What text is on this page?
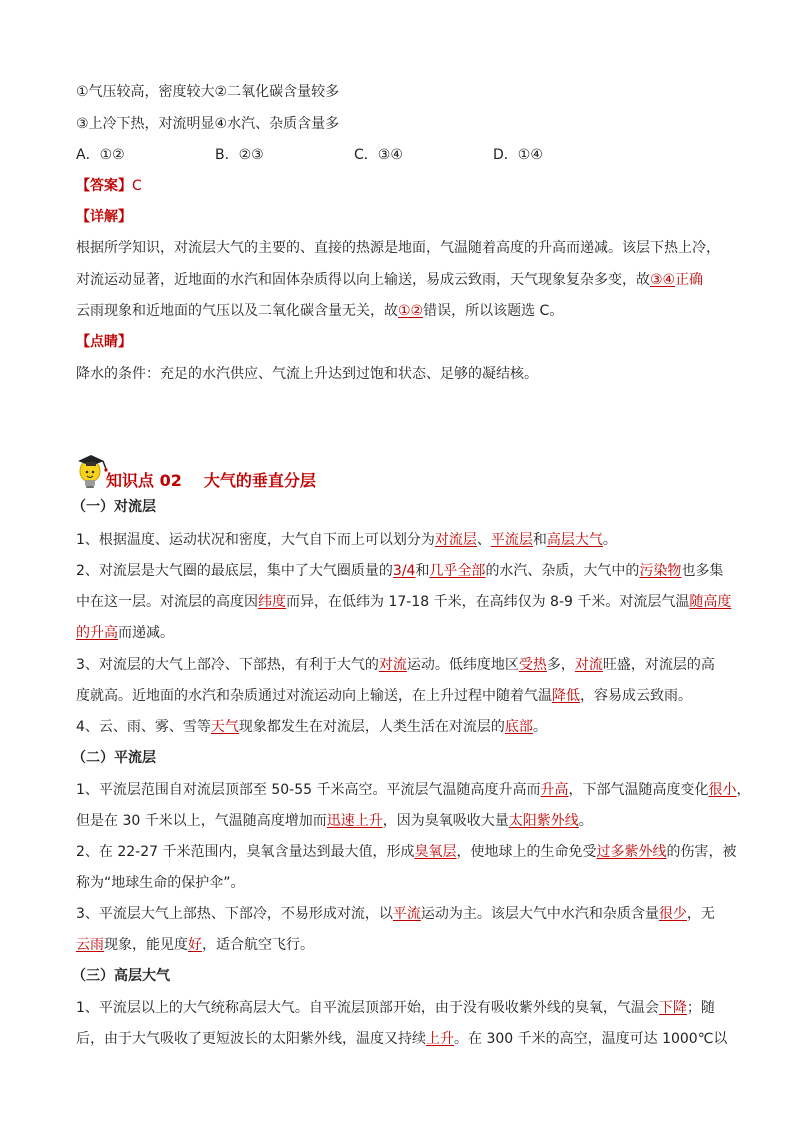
①气压较高，密度较大②二氧化碳含量较多
③上冷下热，对流明显④水汽、杂质含量多
A．①②	B．②③	C．③④	D．①④
【答案】C
【详解】
根据所学知识，对流层大气的主要的、直接的热源是地面，气温随着高度的升高而递减。该层下热上冷，
对流运动显著，近地面的水汽和固体杂质得以向上输送，易成云致雨，天气现象复杂多变，故③④正确
云雨现象和近地面的气压以及二氧化碳含量无关，故①②错误，所以该题选 C。
【点睛】
降水的条件：充足的水汽供应、气流上升达到过饱和状态、足够的凝结核。
知识点 02 大气的垂直分层
（一）对流层
1、根据温度、运动状况和密度，大气自下而上可以划分为对流层、平流层和高层大气。
2、对流层是大气圈的最底层，集中了大气圈质量的3/4和几乎全部的水汽、杂质，大气中的污染物也多集
中在这一层。对流层的高度因纬度而异，在低纬为 17-18 千米，在高纬仅为 8-9 千米。对流层气温随高度
的升高而递减。
3、对流层的大气上部冷、下部热，有利于大气的对流运动。低纬度地区受热多，对流旺盛，对流层的高
度就高。近地面的水汽和杂质通过对流运动向上输送，在上升过程中随着气温降低，容易成云致雨。
4、云、雨、雾、雪等天气现象都发生在对流层，人类生活在对流层的底部。
（二）平流层
1、平流层范围自对流层顶部至 50-55 千米高空。平流层气温随高度升高而升高，下部气温随高度变化很小，
但是在 30 千米以上，气温随高度增加而迅速上升，因为臭氧吸收大量太阳紫外线。
2、在 22-27 千米范围内，臭氧含量达到最大值，形成臭氧层，使地球上的生命免受过多紫外线的伤害，被
称为“地球生命的保护伞”。
3、平流层大气上部热、下部冷，不易形成对流，以平流运动为主。该层大气中水汽和杂质含量很少，无
云雨现象，能见度好，适合航空飞行。
（三）高层大气
1、平流层以上的大气统称高层大气。自平流层顶部开始，由于没有吸收紫外线的臭氧，气温会下降；随
后，由于大气吸收了更短波长的太阳紫外线，温度又持续上升。在 300 千米的高空，温度可达 1000℃以
